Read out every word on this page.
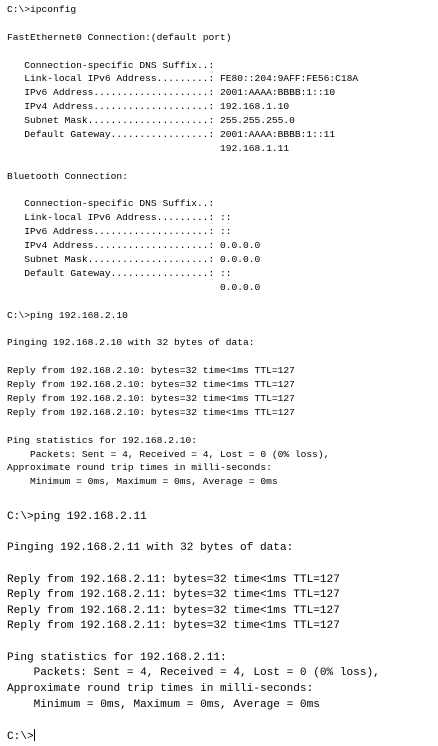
C:\>ipconfig
FastEthernet0 Connection:(default port)
Connection-specific DNS Suffix..:
Link-local IPv6 Address.........: FE80::204:9AFF:FE56:C18A
IPv6 Address....................: 2001:AAAA:BBBB:1::10
IPv4 Address....................: 192.168.1.10
Subnet Mask.....................: 255.255.255.0
Default Gateway.................: 2001:AAAA:BBBB:1::11
192.168.1.11
Bluetooth Connection:
Connection-specific DNS Suffix..:
Link-local IPv6 Address.........: ::
IPv6 Address....................: ::
IPv4 Address....................: 0.0.0.0
Subnet Mask.....................: 0.0.0.0
Default Gateway.................: ::
0.0.0.0
C:\>ping 192.168.2.10
Pinging 192.168.2.10 with 32 bytes of data:
Reply from 192.168.2.10: bytes=32 time<1ms TTL=127
Reply from 192.168.2.10: bytes=32 time<1ms TTL=127
Reply from 192.168.2.10: bytes=32 time<1ms TTL=127
Reply from 192.168.2.10: bytes=32 time<1ms TTL=127
Ping statistics for 192.168.2.10:
Packets: Sent = 4, Received = 4, Lost = 0 (0% loss),
Approximate round trip times in milli-seconds:
Minimum = 0ms, Maximum = 0ms, Average = 0ms
C:\>ping 192.168.2.11
Pinging 192.168.2.11 with 32 bytes of data:
Reply from 192.168.2.11: bytes=32 time<1ms TTL=127
Reply from 192.168.2.11: bytes=32 time<1ms TTL=127
Reply from 192.168.2.11: bytes=32 time<1ms TTL=127
Reply from 192.168.2.11: bytes=32 time<1ms TTL=127
Ping statistics for 192.168.2.11:
Packets: Sent = 4, Received = 4, Lost = 0 (0% loss),
Approximate round trip times in milli-seconds:
Minimum = 0ms, Maximum = 0ms, Average = 0ms
C:\>
